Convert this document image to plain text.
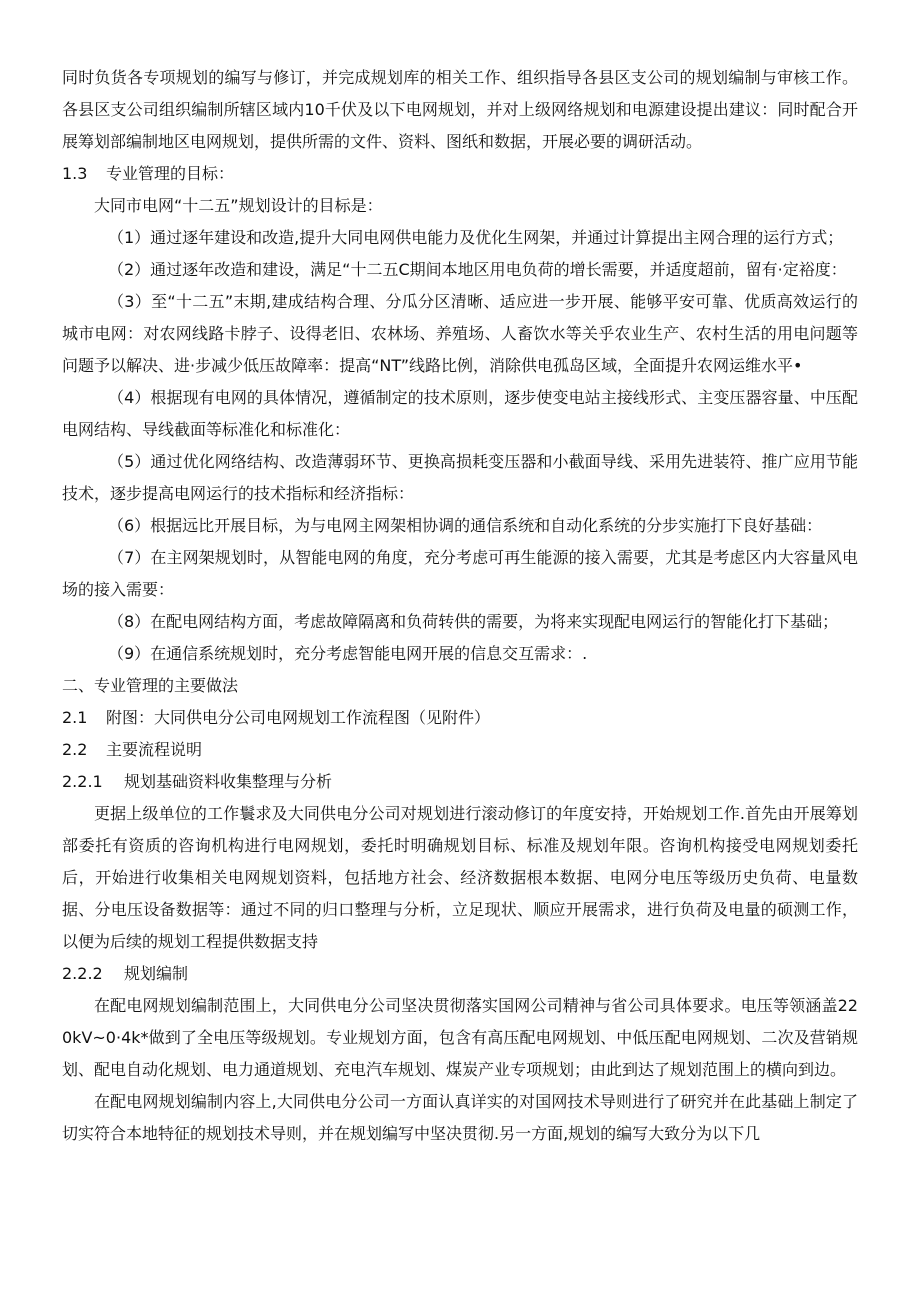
同时负货各专项规划的编写与修订，并完成规划库的相关工作、组织指导各县区支公司的规划编制与审核工作。各县区支公司组织编制所辖区域内10千伏及以下电网规划，并对上级网络规划和电源建设提出建议：同时配合开展筹划部编制地区电网规划，提供所需的文件、资料、图纸和数据，开展必要的调研活动。

1.3 专业管理的目标：

大同市电网“十二五”规划设计的目标是：

（1）通过逐年建设和改造,提升大同电网供电能力及优化生网架，并通过计算提出主网合理的运行方式；

（2）通过逐年改造和建设，满足“十二五C期间本地区用电负荷的增长需要，并适度超前，留有·定裕度：

（3）至“十二五”末期,建成结构合理、分瓜分区清晰、适应进一步开展、能够平安可靠、优质高效运行的城市电网：对农网线路卡脖子、设得老旧、农林场、养殖场、人畜饮水等关乎农业生产、农村生活的用电问题等问题予以解决、进·步减少低压故障率：提高“NT”线路比例，消除供电孤岛区域，全面提升农网运维水平•

（4）根据现有电网的具体情况，遵循制定的技术原则，逐步使变电站主接线形式、主变压器容量、中压配电网结构、导线截面等标准化和标准化：

（5）通过优化网络结构、改造薄弱环节、更换高损耗变压器和小截面导线、采用先进装符、推广应用节能技术，逐步提高电网运行的技术指标和经济指标：

（6）根据远比开展目标，为与电网主网架相协调的通信系统和自动化系统的分步实施打下良好基础：

（7）在主网架规划时，从智能电网的角度，充分考虑可再生能源的接入需要，尤其是考虑区内大容量风电场的接入需要：

（8）在配电网结构方面，考虑故障隔离和负荷转供的需要，为将来实现配电网运行的智能化打下基础；

（9）在通信系统规划时，充分考虑智能电网开展的信息交互需求：.

二、专业管理的主要做法

2.1 附图：大同供电分公司电网规划工作流程图（见附件）

2.2 主要流程说明

2.2.1 规划基础资料收集整理与分析

更据上级单位的工作鬟求及大同供电分公司对规划进行滚动修订的年度安持，开始规划工作.首先由开展筹划部委托有资质的咨询机构进行电网规划，委托时明确规划目标、标准及规划年限。咨询机构接受电网规划委托后，开始进行收集相关电网规划资料，包括地方社会、经济数据根本数据、电网分电压等级历史负荷、电量数据、分电压设备数据等：通过不同的归口整理与分析，立足现状、顺应开展需求，进行负荷及电量的硕测工作，以便为后续的规划工程提供数据支持

2.2.2 规划编制

在配电网规划编制范围上，大同供电分公司坚决贯彻落实国网公司精神与省公司具体要求。电压等领涵盖220kV~0·4k*做到了全电压等级规划。专业规划方面，包含有高压配电网规划、中低压配电网规划、二次及营销规划、配电自动化规划、电力通道规划、充电汽车规划、煤炭产业专项规划；由此到达了规划范围上的横向到边。

在配电网规划编制内容上,大同供电分公司一方面认真详实的对国网技术导则进行了研究并在此基础上制定了切实符合本地特征的规划技术导则，并在规划编写中坚决贯彻.另一方面,规划的编写大致分为以下几
